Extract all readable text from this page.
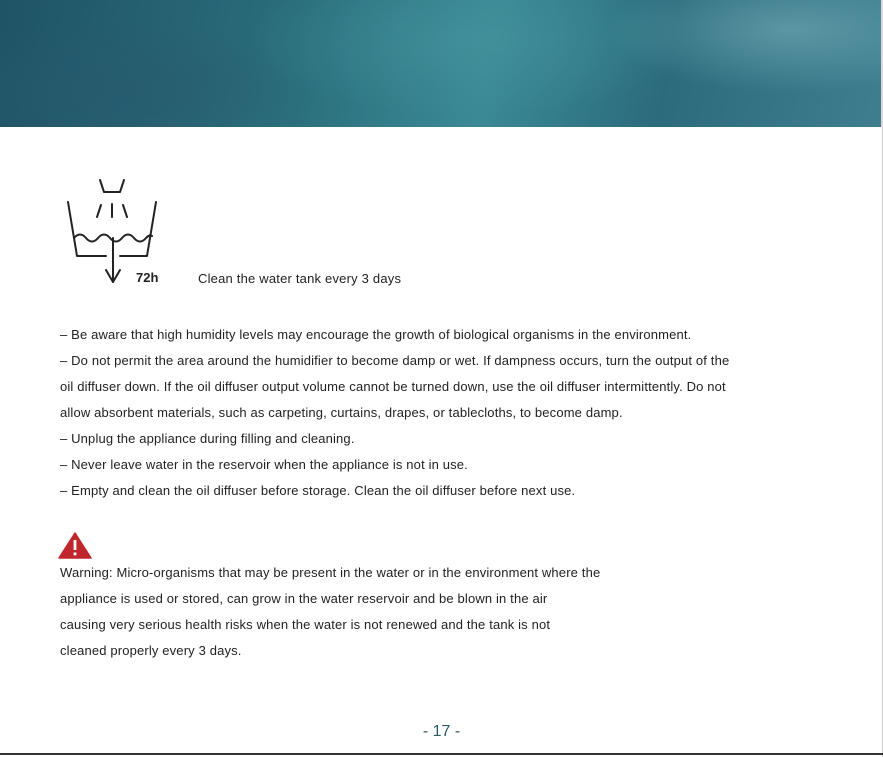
72h	Clean the water tank every 3 days
– Be aware that high humidity levels may encourage the growth of biological organisms in the environment.
– Do not permit the area around the humidifier to become damp or wet. If dampness occurs, turn the output of the
oil diffuser down. If the oil diffuser output volume cannot be turned down, use the oil diffuser intermittently. Do not
allow absorbent materials, such as carpeting, curtains, drapes, or tablecloths, to become damp.
– Unplug the appliance during filling and cleaning.
– Never leave water in the reservoir when the appliance is not in use.
– Empty and clean the oil diffuser before storage. Clean the oil diffuser before next use.
Warning: Micro-organisms that may be present in the water or in the environment where the
appliance is used or stored, can grow in the water reservoir and be blown in the air
causing very serious health risks when the water is not renewed and the tank is not
cleaned properly every 3 days.
- 17 -
